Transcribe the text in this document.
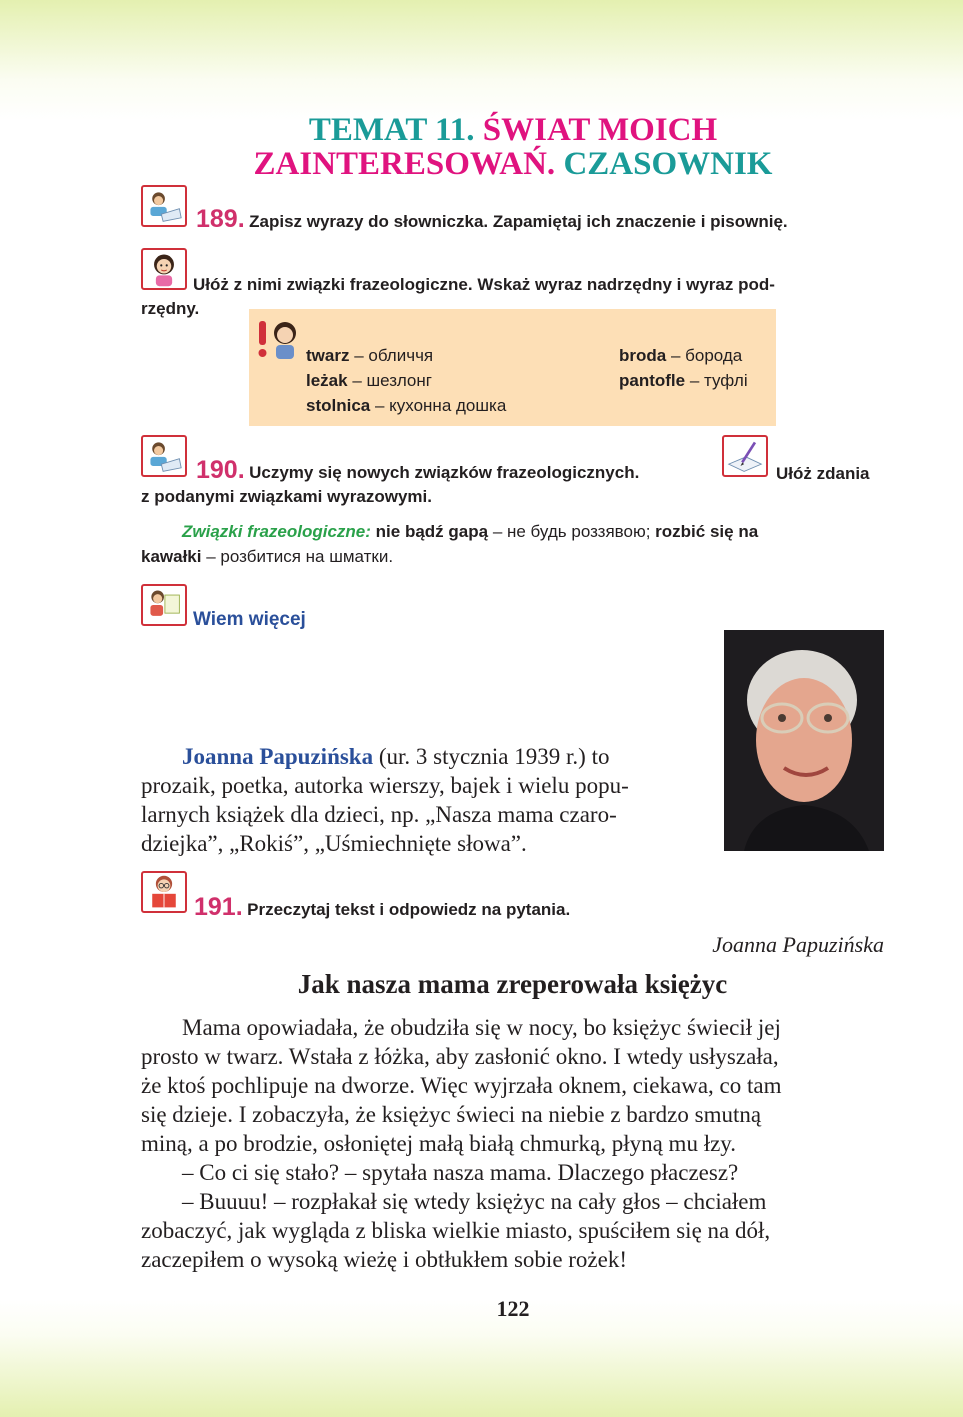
TEMAT 11. ŚWIAT MOICH
ZAINTERESOWAŃ. CZASOWNIK
189. Zapisz wyrazy do słowniczka. Zapamiętaj ich znaczenie i pisownię.
Ułóż z nimi związki frazeologiczne. Wskaż wyraz nadrzędny i wyraz pod-
rzędny.
twarz – обличчя
leżak – шезлонг
stolnica – кухонна дошка
broda – борода
pantofle – туфлі
190. Uczymy się nowych związków frazeologicznych.	Ułóż zdania
z podanymi związkami wyrazowymi.
Związki frazeologiczne: nie bądź gapą – не будь роззявою; rozbić się na
kawałki – розбитися на шматки.
Wiem więcej
Joanna Papuzińska (ur. 3 stycznia 1939 r.) to
prozaik, poetka, autorka wierszy, bajek i wielu popu-
larnych książek dla dzieci, np. „Nasza mama czaro-
dziejka”, „Rokiś”, „Uśmiechnięte słowa”.
191. Przeczytaj tekst i odpowiedz na pytania.
Joanna Papuzińska
Jak nasza mama zreperowała księżyc
Mama opowiadała, że obudziła się w nocy, bo księżyc świecił jej
prosto w twarz. Wstała z łóżka, aby zasłonić okno. I wtedy usłyszała,
że ktoś pochlipuje na dworze. Więc wyjrzała oknem, ciekawa, co tam
się dzieje. I zobaczyła, że księżyc świeci na niebie z bardzo smutną
miną, a po brodzie, osłoniętej małą białą chmurką, płyną mu łzy.
– Co ci się stało? – spytała nasza mama. Dlaczego płaczesz?
– Buuuu! – rozpłakał się wtedy księżyc na cały głos – chciałem
zobaczyć, jak wygląda z bliska wielkie miasto, spuściłem się na dół,
zaczepiłem o wysoką wieżę i obtłukłem sobie rożek!
122
